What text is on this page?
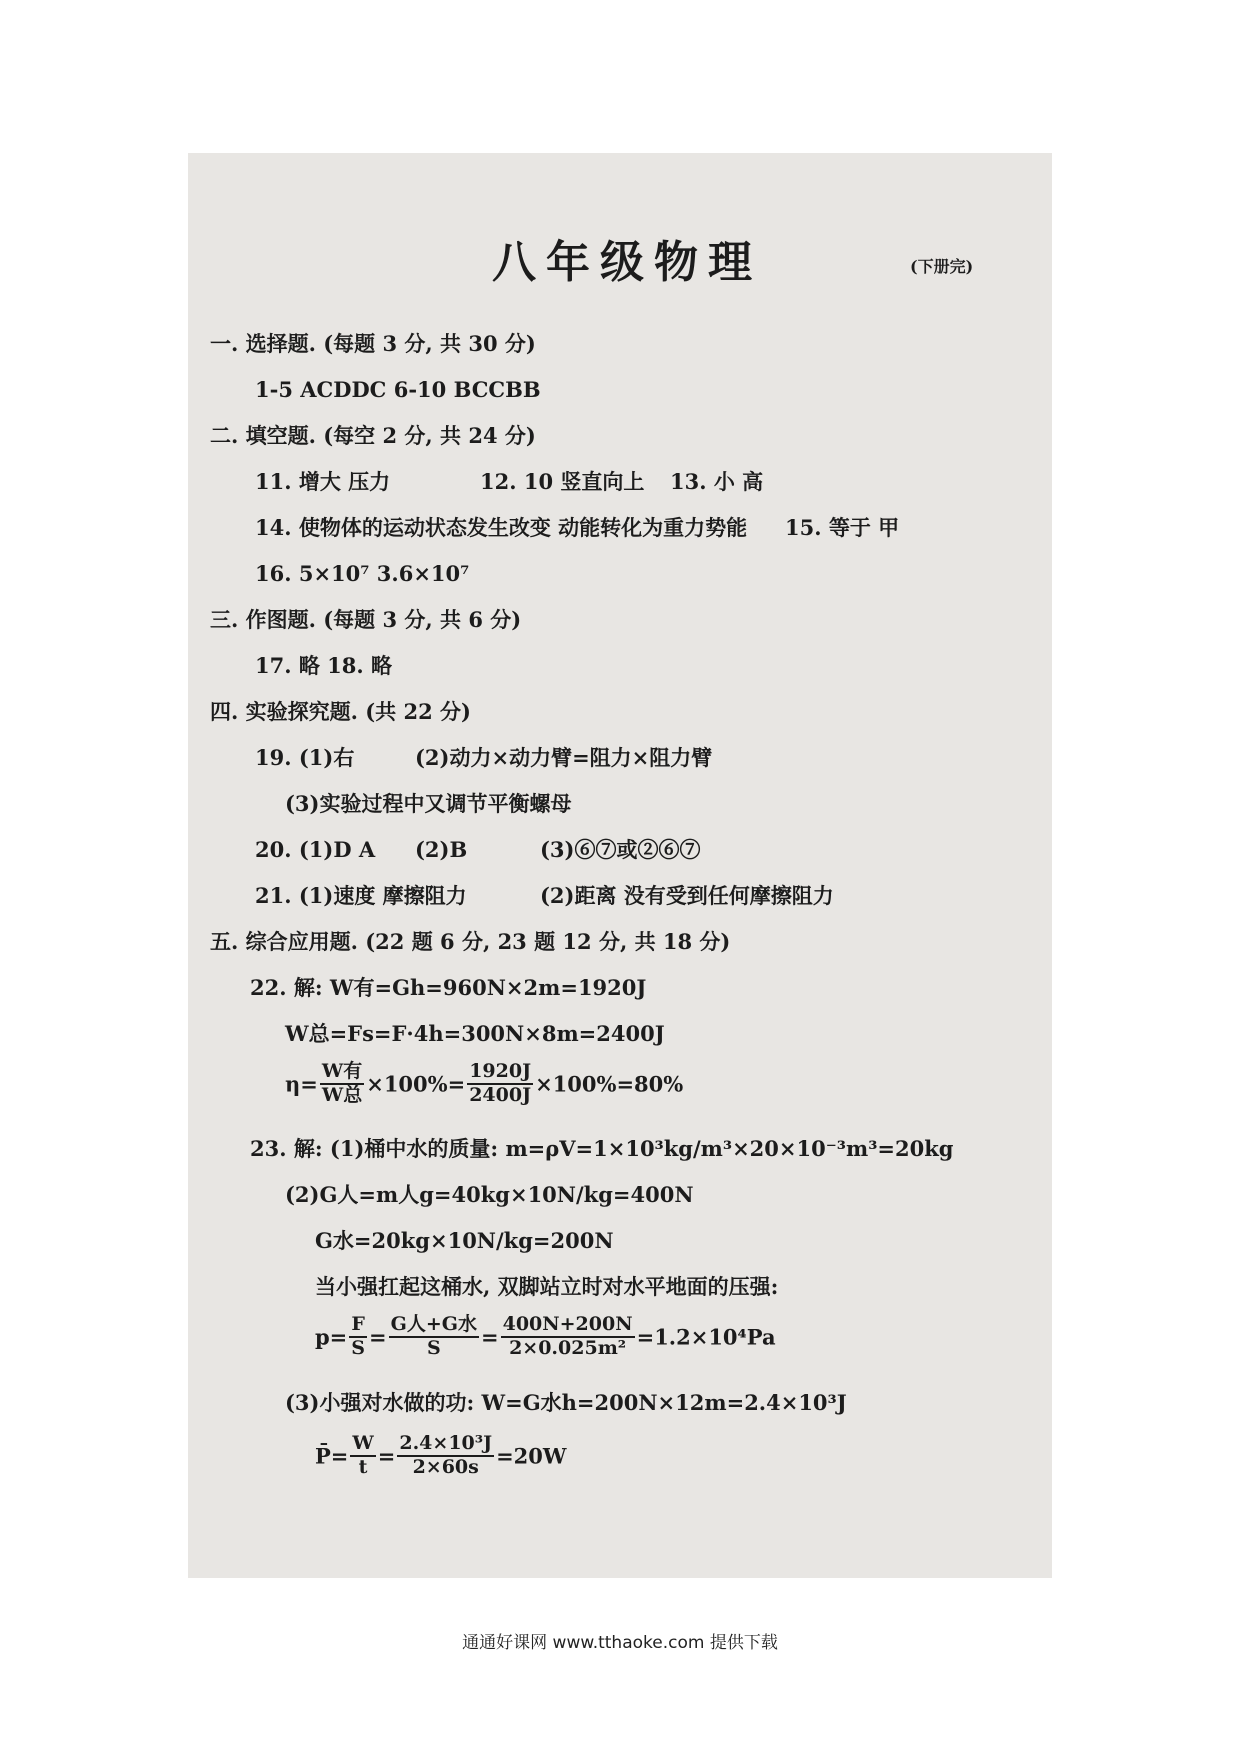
八年级物理	(下册完)
一. 选择题. (每题 3 分, 共 30 分)
1-5 ACDDC 6-10 BCCBB
二. 填空题. (每空 2 分, 共 24 分)
11. 增大 压力	12. 10 竖直向上 13. 小 高
14. 使物体的运动状态发生改变 动能转化为重力势能 15. 等于 甲
16. 5×10⁷ 3.6×10⁷
三. 作图题. (每题 3 分, 共 6 分)
17. 略 18. 略
四. 实验探究题. (共 22 分)
19. (1)右	(2)动力×动力臂=阻力×阻力臂
(3)实验过程中又调节平衡螺母
20. (1)D A (2)B	(3)⑥⑦或②⑥⑦
21. (1)速度 摩擦阻力	(2)距离 没有受到任何摩擦阻力
五. 综合应用题. (22 题 6 分, 23 题 12 分, 共 18 分)
22. 解: W有=Gh=960N×2m=1920J
W总=Fs=F·4h=300N×8m=2400J
$\eta= \frac{\text{W有}}{\text{W总}} \times 100\%= \frac{1920J}{2400J} \times 100\%=80\%$
23. 解: (1)桶中水的质量: m=ρV=1×10³kg/m³×20×10⁻³m³=20kg
(2)G人=m人g=40kg×10N/kg=400N
G水=20kg×10N/kg=200N
当小强扛起这桶水, 双脚站立时对水平地面的压强:
$p= \frac{F}{S} = \frac{\text{G人+G水}}{S} = \frac{400N+200N}{\text{2×0.025m²}} =1.2\times 10^4Pa$
(3)小强对水做的功: W=G水h=200N×12m=2.4×10³J
P̄= $\frac{W}{t} = \frac{\text{2.4×10³J}}{2\times 60s} =20W$
通通好课网 www.tthaoke.com 提供下载
